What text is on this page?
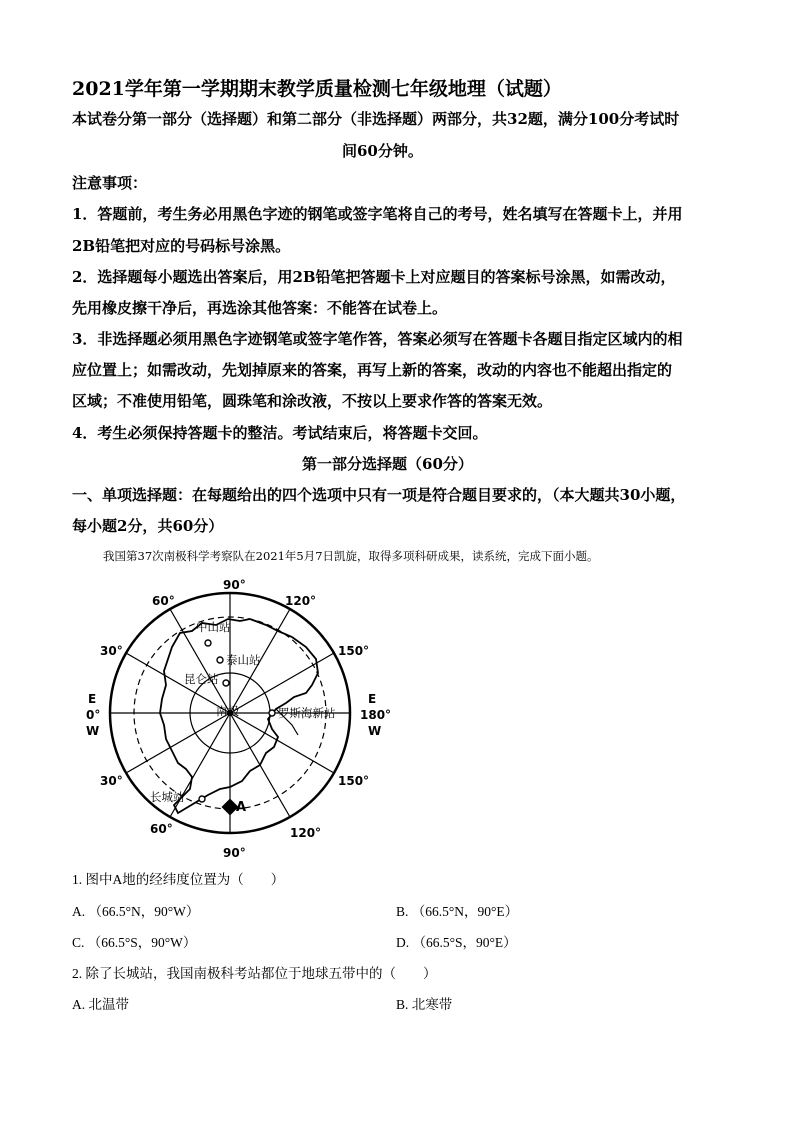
2021学年第一学期期末教学质量检测七年级地理（试题）
本试卷分第一部分（选择题）和第二部分（非选择题）两部分，共32题，满分100分考试时
间60分钟。
注意事项：
1．答题前，考生务必用黑色字迹的钢笔或签字笔将自己的考号，姓名填写在答题卡上，并用
2B铅笔把对应的号码标号涂黑。
2．选择题每小题选出答案后，用2B铅笔把答题卡上对应题目的答案标号涂黑，如需改动，
先用橡皮擦干净后，再选涂其他答案：不能答在试卷上。
3．非选择题必须用黑色字迹钢笔或签字笔作答，答案必须写在答题卡各题目指定区域内的相
应位置上；如需改动，先划掉原来的答案，再写上新的答案，改动的内容也不能超出指定的
区域；不准使用铅笔，圆珠笔和涂改液，不按以上要求作答的答案无效。
4．考生必须保持答题卡的整洁。考试结束后，将答题卡交回。
第一部分选择题（60分）
一、单项选择题：在每题给出的四个选项中只有一项是符合题目要求的，（本大题共30小题，
每小题2分，共60分）
我国第37次南极科学考察队在2021年5月7日凯旋，取得多项科研成果，读系统，完成下面小题。
90°
90°
60°	120°
30°	150°
30°	150°
60°	120°
E
0°
W
E
180°
W
中山站
泰山站
昆仑站
南极	罗斯海新站
长城站
A
1. 图中A地的经纬度位置为（　　）
A. （66.5°N，90°W）	B. （66.5°N，90°E）
C. （66.5°S，90°W）	D. （66.5°S，90°E）
2. 除了长城站，我国南极科考站都位于地球五带中的（　　）
A. 北温带	B. 北寒带
